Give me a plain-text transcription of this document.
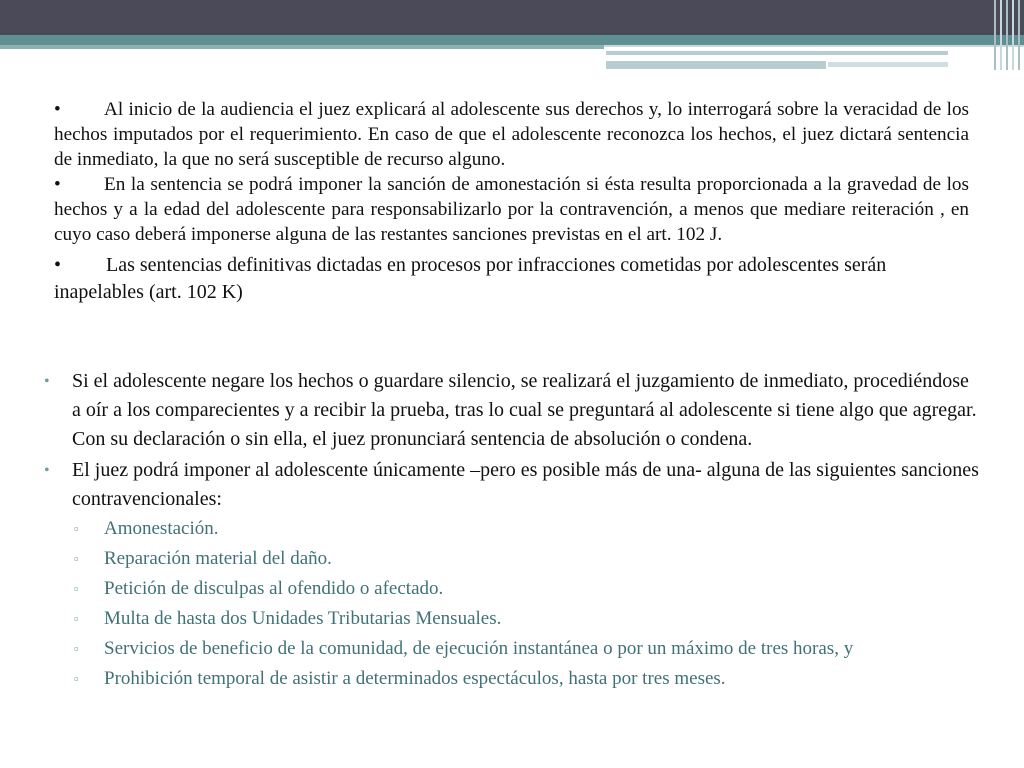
• Al inicio de la audiencia el juez explicará al adolescente sus derechos y, lo interrogará sobre la veracidad de los hechos imputados por el requerimiento. En caso de que el adolescente reconozca los hechos, el juez dictará sentencia de inmediato, la que no será susceptible de recurso alguno.

• En la sentencia se podrá imponer la sanción de amonestación si ésta resulta proporcionada a la gravedad de los hechos y a la edad del adolescente para responsabilizarlo por la contravención, a menos que mediare reiteración , en cuyo caso deberá imponerse alguna de las restantes sanciones previstas en el art. 102 J.

• Las sentencias definitivas dictadas en procesos por infracciones cometidas por adolescentes serán inapelables (art. 102 K)

• Si el adolescente negare los hechos o guardare silencio, se realizará el juzgamiento de inmediato, procediéndose a oír a los comparecientes y a recibir la prueba, tras lo cual se preguntará al adolescente si tiene algo que agregar. Con su declaración o sin ella, el juez pronunciará sentencia de absolución o condena.
• El juez podrá imponer al adolescente únicamente –pero es posible más de una- alguna de las siguientes sanciones contravencionales:
▫ Amonestación.
▫ Reparación material del daño.
▫ Petición de disculpas al ofendido o afectado.
▫ Multa de hasta dos Unidades Tributarias Mensuales.
▫ Servicios de beneficio de la comunidad, de ejecución instantánea o por un máximo de tres horas, y
▫ Prohibición temporal de asistir a determinados espectáculos, hasta por tres meses.
